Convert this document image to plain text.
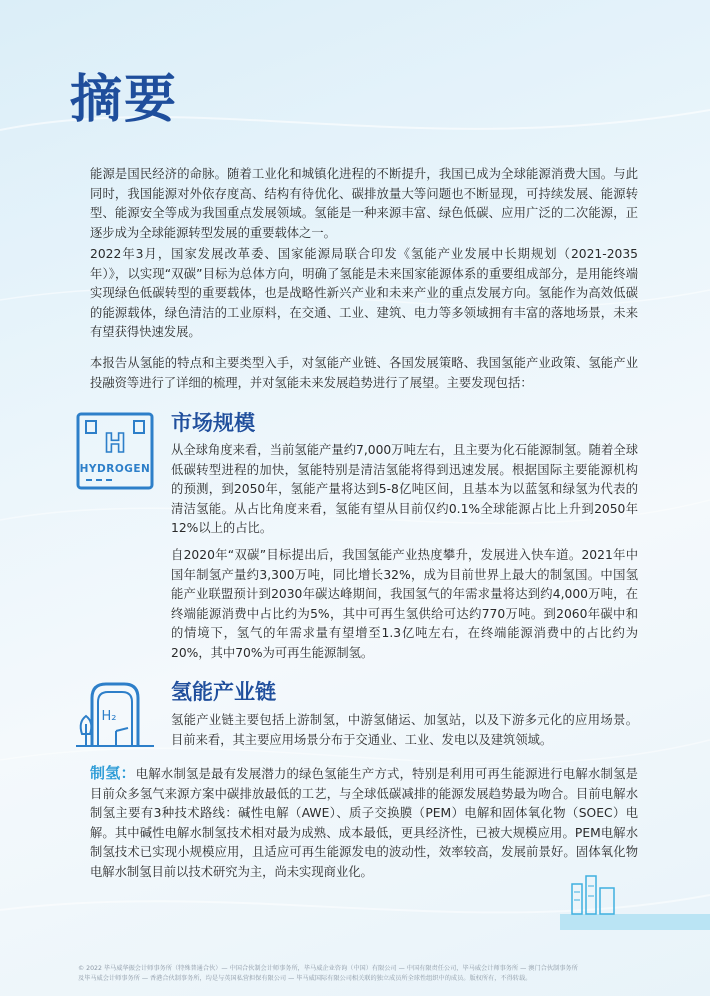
摘要

能源是国民经济的命脉。随着工业化和城镇化进程的不断提升，我国已成为全球能源消费大国。与此同时，我国能源对外依存度高、结构有待优化、碳排放量大等问题也不断显现，可持续发展、能源转型、能源安全等成为我国重点发展领域。氢能是一种来源丰富、绿色低碳、应用广泛的二次能源，正逐步成为全球能源转型发展的重要载体之一。

2022年3月，国家发展改革委、国家能源局联合印发《氢能产业发展中长期规划（2021-2035年）》，以实现“双碳”目标为总体方向，明确了氢能是未来国家能源体系的重要组成部分，是用能终端实现绿色低碳转型的重要载体，也是战略性新兴产业和未来产业的重点发展方向。氢能作为高效低碳的能源载体，绿色清洁的工业原料，在交通、工业、建筑、电力等多领域拥有丰富的落地场景，未来有望获得快速发展。

本报告从氢能的特点和主要类型入手，对氢能产业链、各国发展策略、我国氢能产业政策、氢能产业投融资等进行了详细的梳理，并对氢能未来发展趋势进行了展望。主要发现包括：

H
HYDROGEN
市场规模

从全球角度来看，当前氢能产量约7,000万吨左右，且主要为化石能源制氢。随着全球低碳转型进程的加快，氢能特别是清洁氢能将得到迅速发展。根据国际主要能源机构的预测，到2050年，氢能产量将达到5-8亿吨区间，且基本为以蓝氢和绿氢为代表的清洁氢能。从占比角度来看，氢能有望从目前仅约0.1%全球能源占比上升到2050年12%以上的占比。

自2020年“双碳”目标提出后，我国氢能产业热度攀升，发展进入快车道。2021年中国年制氢产量约3,300万吨，同比增长32%，成为目前世界上最大的制氢国。中国氢能产业联盟预计到2030年碳达峰期间，我国氢气的年需求量将达到约4,000万吨，在终端能源消费中占比约为5%，其中可再生氢供给可达约770万吨。到2060年碳中和的情境下，氢气的年需求量有望增至1.3亿吨左右，在终端能源消费中的占比约为20%，其中70%为可再生能源制氢。

H₂
氢能产业链

氢能产业链主要包括上游制氢，中游氢储运、加氢站，以及下游多元化的应用场景。目前来看，其主要应用场景分布于交通业、工业、发电以及建筑领域。

制氢：电解水制氢是最有发展潜力的绿色氢能生产方式，特别是利用可再生能源进行电解水制氢是目前众多氢气来源方案中碳排放最低的工艺，与全球低碳减排的能源发展趋势最为吻合。目前电解水制氢主要有3种技术路线：碱性电解（AWE）、质子交换膜（PEM）电解和固体氧化物（SOEC）电解。其中碱性电解水制氢技术相对最为成熟、成本最低，更具经济性，已被大规模应用。PEM电解水制氢技术已实现小规模应用，且适应可再生能源发电的波动性，效率较高，发展前景好。固体氧化物电解水制氢目前以技术研究为主，尚未实现商业化。

© 2022 毕马威华振会计师事务所（特殊普通合伙）— 中国合伙制会计师事务所，毕马威企业咨询（中国）有限公司 — 中国有限责任公司，毕马威会计师事务所 — 澳门合伙制事务所
及毕马威会计师事务所 — 香港合伙制事务所，均是与英国私营担保有限公司 — 毕马威国际有限公司相关联的独立成员所全球性组织中的成员。版权所有，不得转载。
